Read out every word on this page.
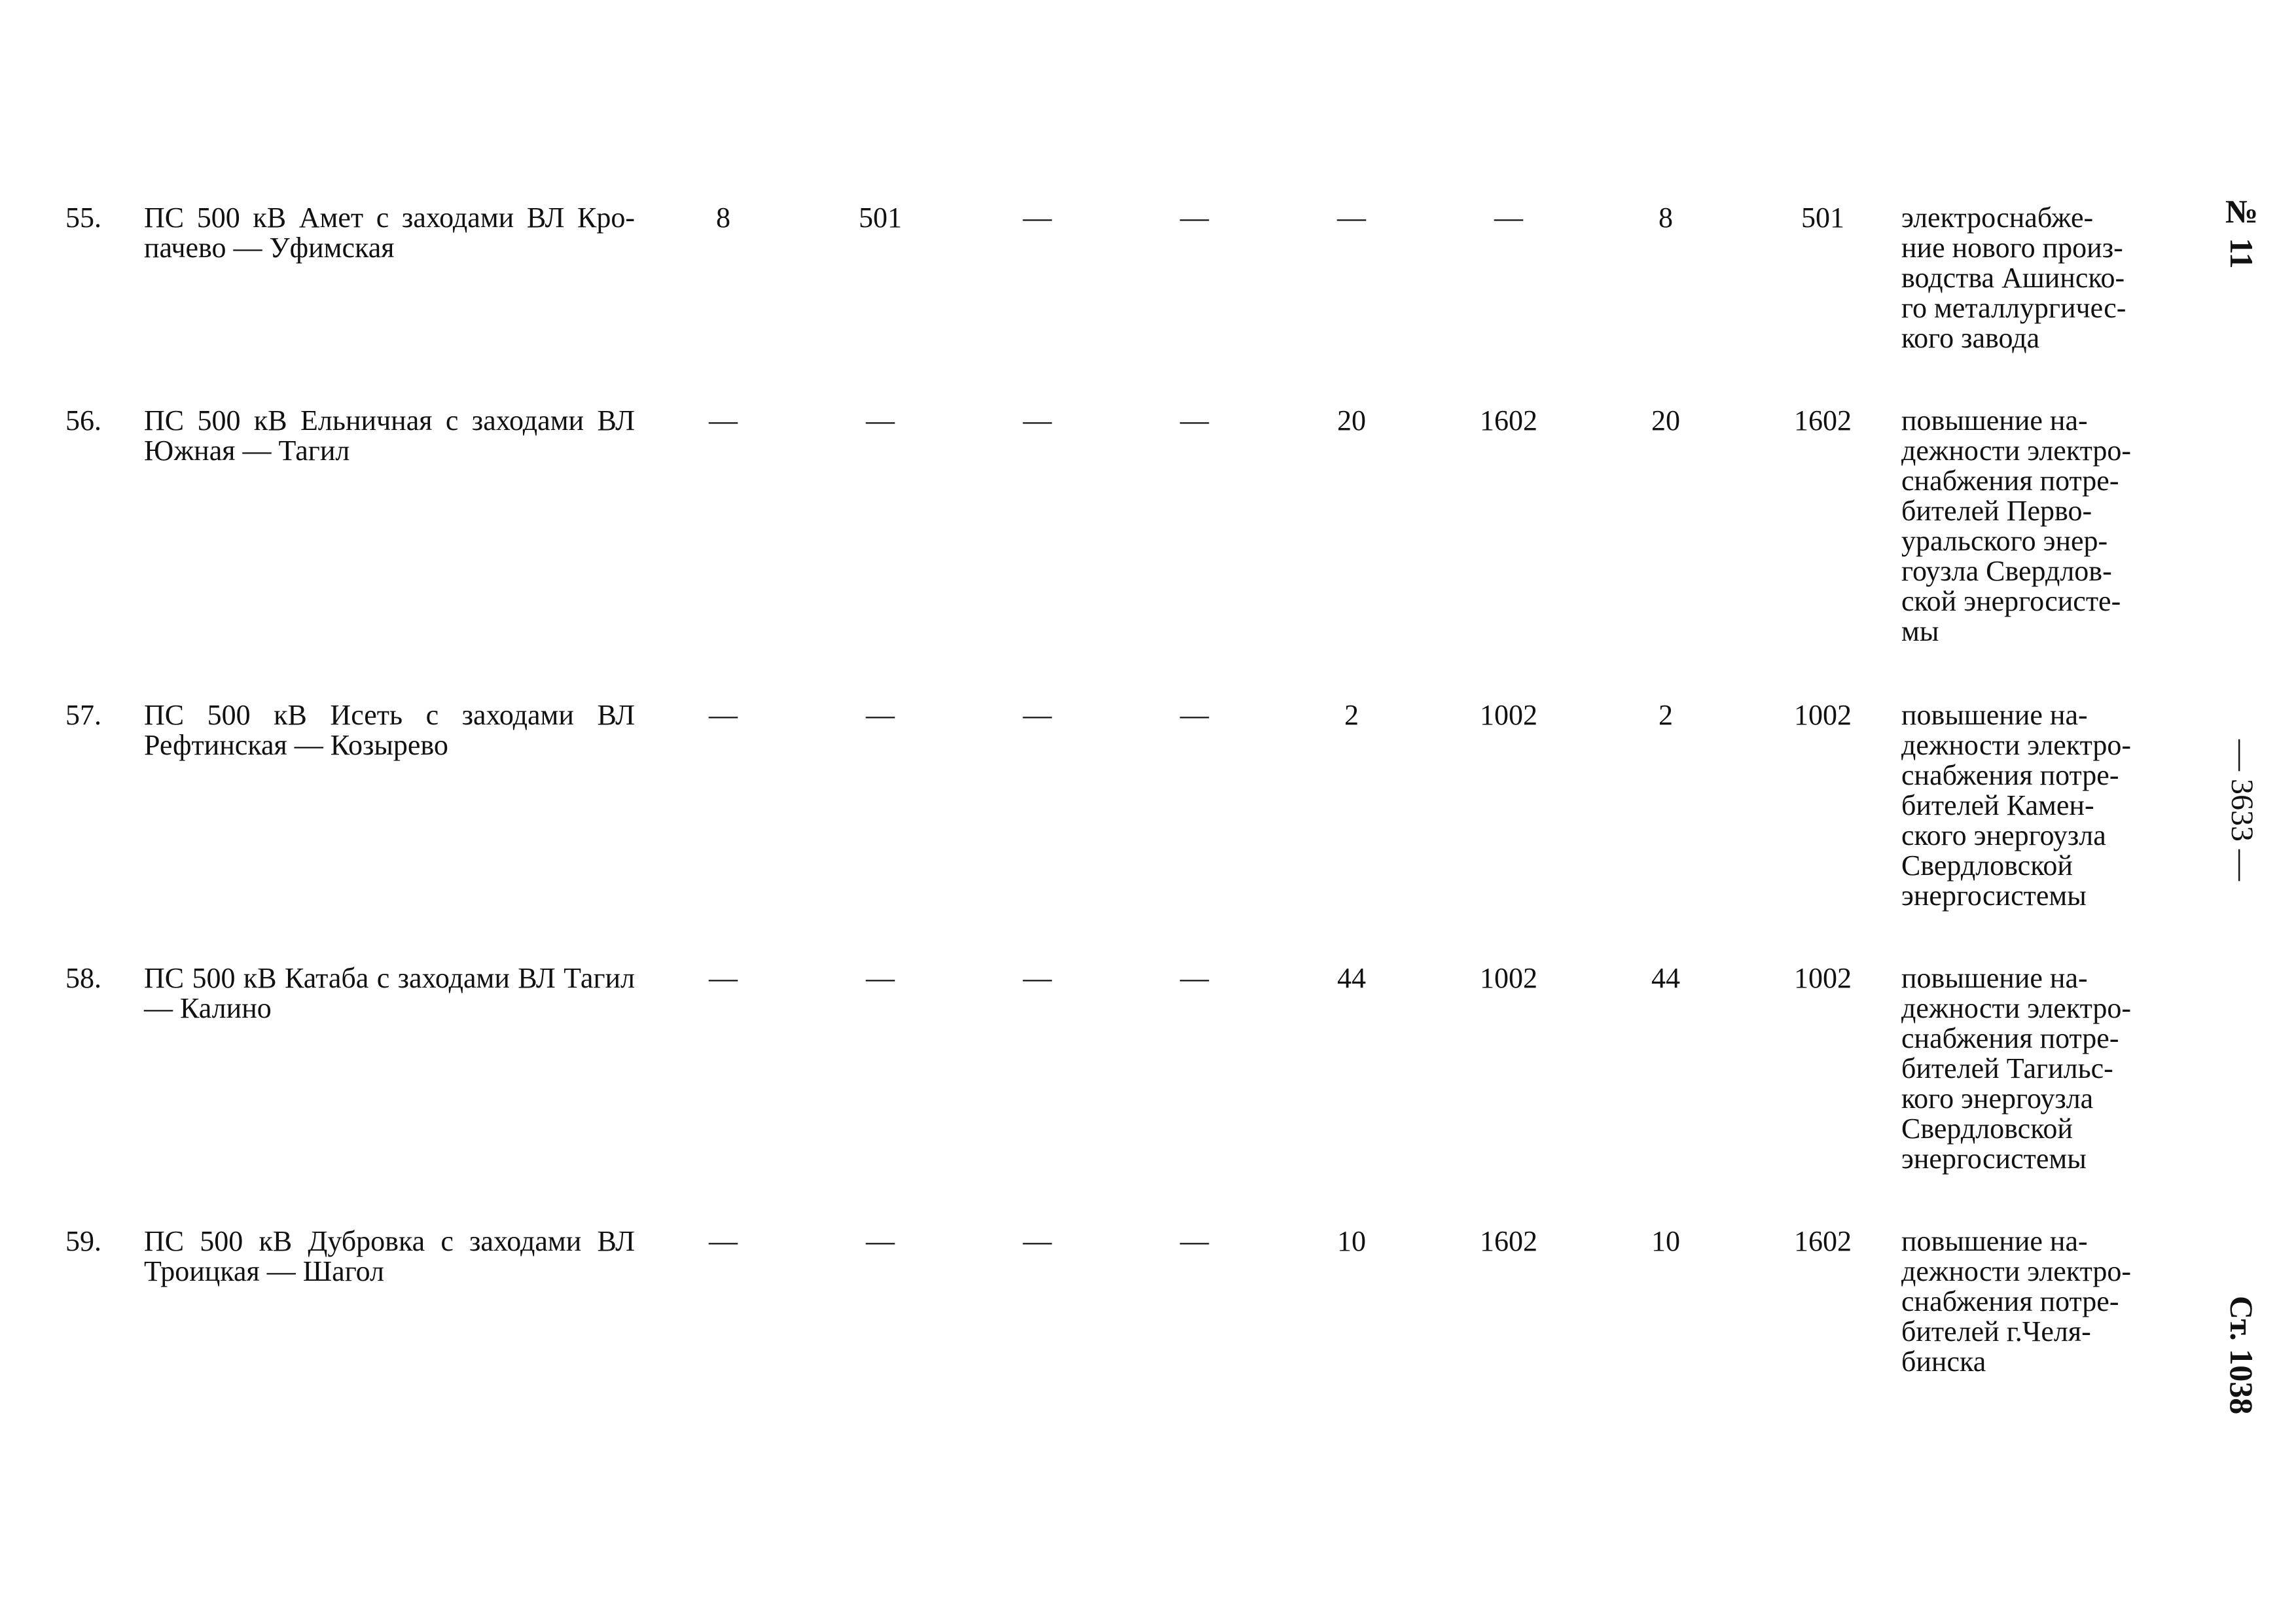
55.	ПС 500 кВ Амет с заходами ВЛ Кро-пачево — Уфимская
8	501	—	—	—	—	8	501	электроснабже-
ние нового произ-
водства Ашинско-
го металлургичес-
кого завода
56.	ПС 500 кВ Ельничная с заходами ВЛ Южная — Тагил
—	—	—	—	20	1602	20	1602	повышение на-
дежности электро-
снабжения потре-
бителей Перво-
уральского энер-
гоузла Свердлов-
ской энергосисте-
мы
57.	ПС 500 кВ Исеть с заходами ВЛ Рефтинская — Козырево
—	—	—	—	2	1002	2	1002	повышение на-
дежности электро-
снабжения потре-
бителей Камен-
ского энергоузла
Свердловской
энергосистемы
58.	ПС 500 кВ Катаба с заходами ВЛ Тагил — Калино
—	—	—	—	44	1002	44	1002	повышение на-
дежности электро-
снабжения потре-
бителей Тагильс-
кого энергоузла
Свердловской
энергосистемы
59.	ПС 500 кВ Дубровка с заходами ВЛ Троицкая — Шагол
—	—	—	—	10	1602	10	1602	повышение на-
дежности электро-
снабжения потре-
бителей г.Челя-
бинска
№ 11
— 3633 —
Ст. 1038
